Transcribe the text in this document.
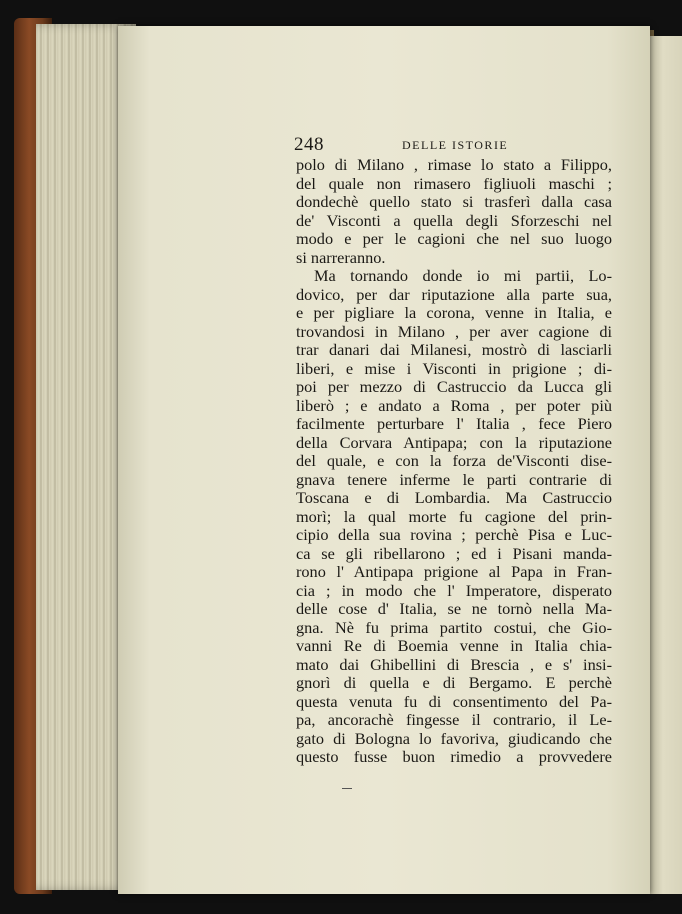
248	DELLE ISTORIE
polo di Milano , rimase lo stato a Filippo,
del quale non rimasero figliuoli maschi ;
dondechè quello stato si trasferì dalla casa
de' Visconti a quella degli Sforzeschi nel
modo e per le cagioni che nel suo luogo
si narreranno.
Ma tornando donde io mi partii, Lo-
dovico, per dar riputazione alla parte sua,
e per pigliare la corona, venne in Italia, e
trovandosi in Milano , per aver cagione di
trar danari dai Milanesi, mostrò di lasciarli
liberi, e mise i Visconti in prigione ; di-
poi per mezzo di Castruccio da Lucca gli
liberò ; e andato a Roma , per poter più
facilmente perturbare l' Italia , fece Piero
della Corvara Antipapa; con la riputazione
del quale, e con la forza de'Visconti dise-
gnava tenere inferme le parti contrarie di
Toscana e di Lombardia. Ma Castruccio
morì; la qual morte fu cagione del prin-
cipio della sua rovina ; perchè Pisa e Luc-
ca se gli ribellarono ; ed i Pisani manda-
rono l' Antipapa prigione al Papa in Fran-
cia ; in modo che l' Imperatore, disperato
delle cose d' Italia, se ne tornò nella Ma-
gna. Nè fu prima partito costui, che Gio-
vanni Re di Boemia venne in Italia chia-
mato dai Ghibellini di Brescia , e s' insi-
gnorì di quella e di Bergamo. E perchè
questa venuta fu di consentimento del Pa-
pa, ancorachè fingesse il contrario, il Le-
gato di Bologna lo favoriva, giudicando che
questo fusse buon rimedio a provvedere
